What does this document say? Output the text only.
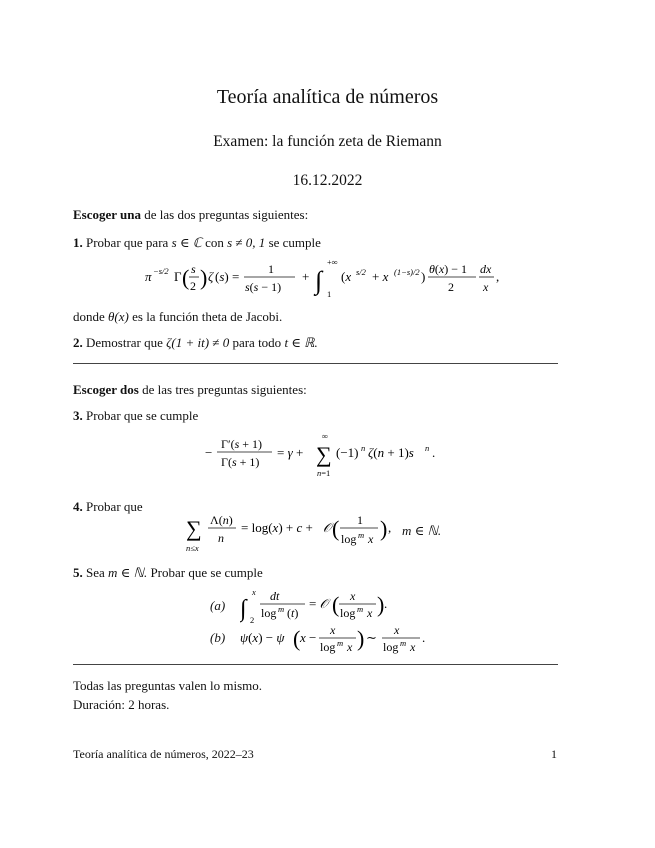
Teoría analítica de números
Examen: la función zeta de Riemann
16.12.2022
Escoger una de las dos preguntas siguientes:
1. Probar que para s ∈ ℂ con s ≠ 0, 1 se cumple
π −s/2 Γ ( s
2 ) ζ (s) = 1
s(s − 1)
+ ∫
+∞
1
(x s/2 + x (1−s)/2 ) θ(x) − 1
2
dx
x
,
donde θ(x) es la función theta de Jacobi.
2. Demostrar que ζ(1 + it) ≠ 0 para todo t ∈ ℝ.
Escoger dos de las tres preguntas siguientes:
3. Probar que se cumple
−
Γ′(s + 1)
Γ(s + 1)
= γ +
∞
∑
n=1
(−1) n ζ(n + 1)s n .
4. Probar que
∑
n≤x
Λ(n)
n
= log(x) + c + 𝒪 ( 1
log m x ) , m ∈ ℕ.
5. Sea m ∈ ℕ. Probar que se cumple
(a)
(b)
∫
x
2
dt
log m (t)
= 𝒪 ( x
log m x ) .
ψ(x) − ψ ( x − x
log m x ) ∼ x
log m x
.
Todas las preguntas valen lo mismo.
Duración: 2 horas.
Teoría analítica de números, 2022–23	1
